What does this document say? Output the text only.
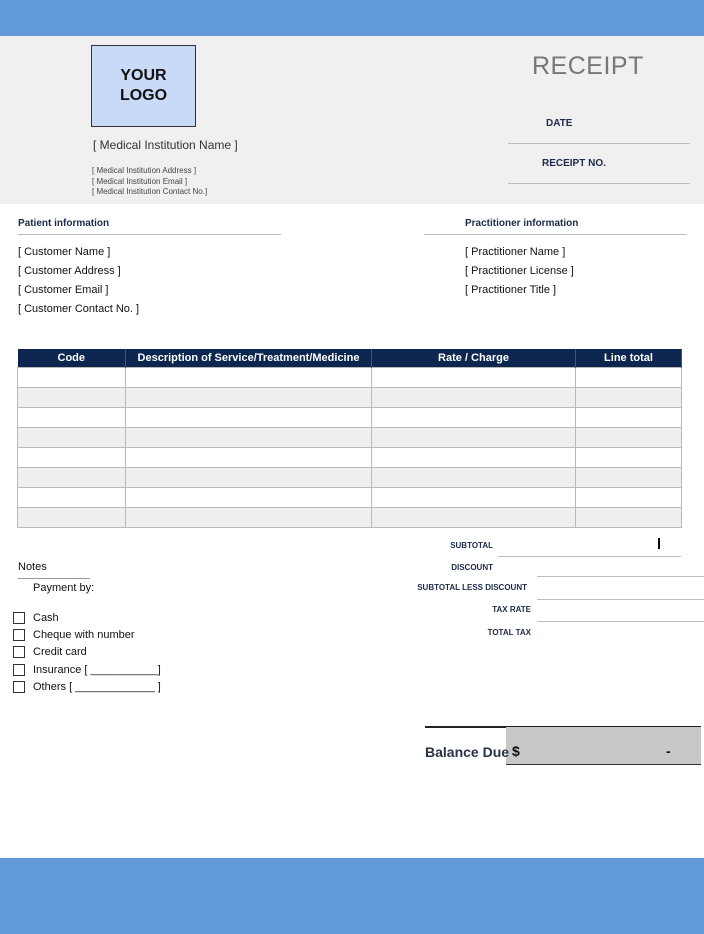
YOUR
LOGO
[ Medical Institution Name ]
[ Medical Institution Address ]
[ Medical Institution Email ]
[ Medical Institution Contact No.]
RECEIPT
DATE
RECEIPT NO.
Patient information
[ Customer Name ]
[ Customer Address ]
[ Customer Email ]
[ Customer Contact No. ]
Practitioner information
[ Practitioner Name ]
[ Practitioner License ]
[ Practitioner Title ]
Code	Description of Service/Treatment/Medicine	Rate / Charge	Line total

SUBTOTAL
DISCOUNT
SUBTOTAL LESS DISCOUNT
TAX RATE
TOTAL TAX
Notes
Payment by:
Cash
Cheque with number
Credit card
Insurance [ ___________]
Others [ _____________ ]
Balance Due $	-
